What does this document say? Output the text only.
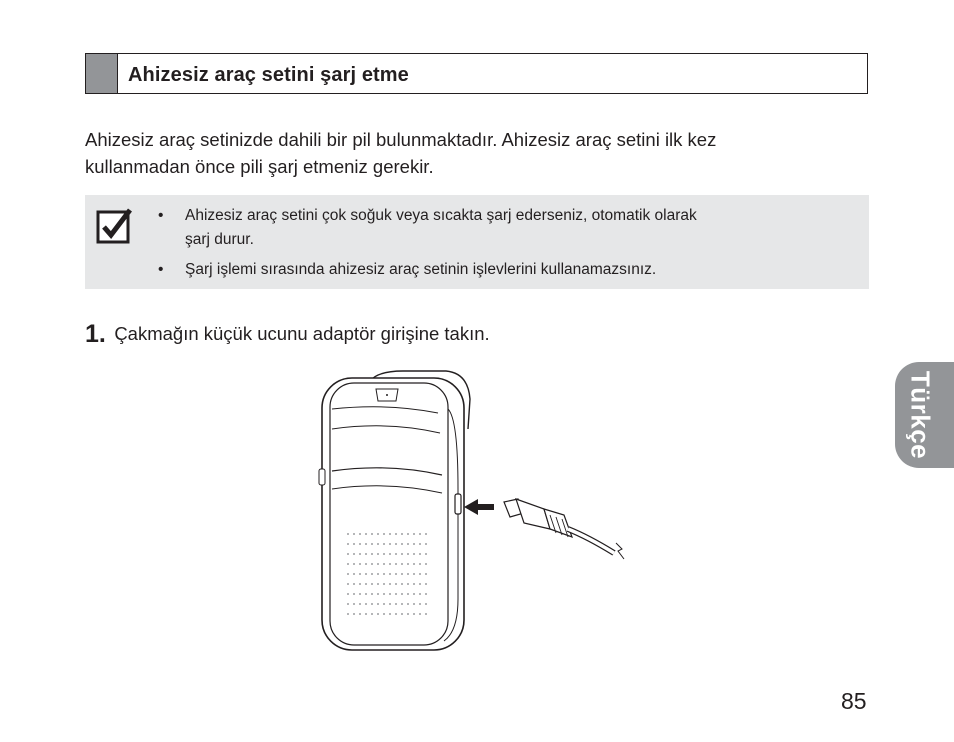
Ahizesiz araç setini şarj etme
Ahizesiz araç setinizde dahili bir pil bulunmaktadır. Ahizesiz araç setini ilk kez
kullanmadan önce pili şarj etmeniz gerekir.
• Ahizesiz araç setini çok soğuk veya sıcakta şarj ederseniz, otomatik olarak
şarj durur.
• Şarj işlemi sırasında ahizesiz araç setinin işlevlerini kullanamazsınız.
1. Çakmağın küçük ucunu adaptör girişine takın.
Türkçe
85
